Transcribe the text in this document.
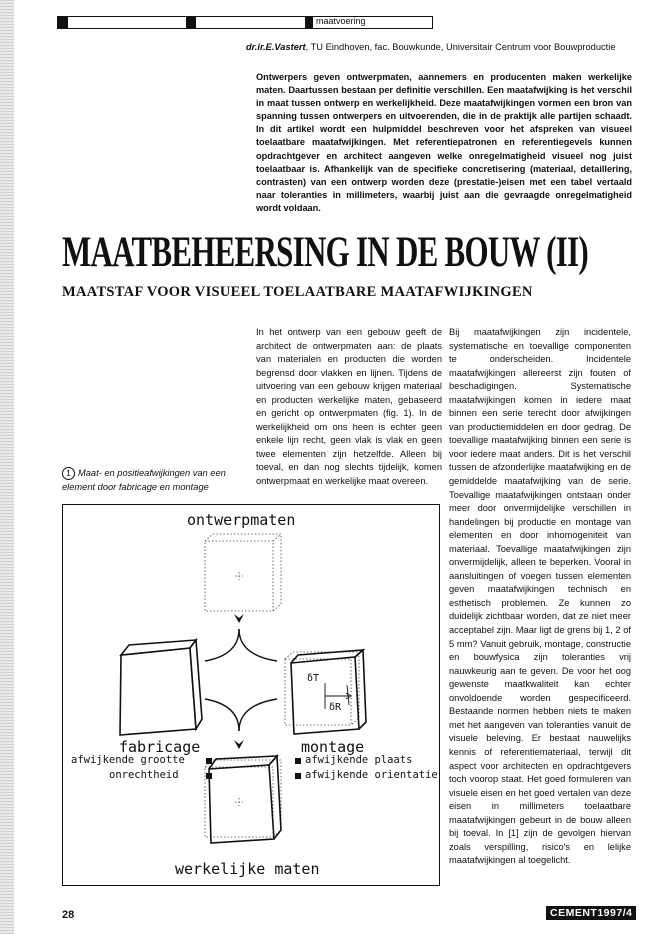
maatvoering
dr.ir.E.Vastert, TU Eindhoven, fac. Bouwkunde, Universitair Centrum voor Bouwproductie
Ontwerpers geven ontwerpmaten, aannemers en producenten maken werkelijke maten. Daartussen bestaan per definitie verschillen. Een maatafwijking is het verschil in maat tussen ontwerp en werkelijkheid. Deze maatafwijkingen vormen een bron van spanning tussen ontwerpers en uitvoerenden, die in de praktijk alle partijen schaadt. In dit artikel wordt een hulpmiddel beschreven voor het afspreken van visueel toelaatbare maatafwijkingen. Met referentiepatronen en referentiegevels kunnen opdrachtgever en architect aangeven welke onregelmatigheid visueel nog juist toelaatbaar is. Afhankelijk van de specifieke concretisering (materiaal, detaillering, contrasten) van een ontwerp worden deze (prestatie-)eisen met een tabel vertaald naar toleranties in millimeters, waarbij juist aan die gevraagde onregelmatigheid wordt voldaan.
MAATBEHEERSING IN DE BOUW (II)
MAATSTAF VOOR VISUEEL TOELAATBARE MAATAFWIJKINGEN
In het ontwerp van een gebouw geeft de architect de ontwerpmaten aan: de plaats van materialen en producten die worden begrensd door vlakken en lijnen. Tijdens de uitvoering van een gebouw krijgen materiaal en producten werkelijke maten, gebaseerd en gericht op ontwerpmaten (fig. 1). In de werkelijkheid om ons heen is echter geen enkele lijn recht, geen vlak is vlak en geen twee elementen zijn hetzelfde. Alleen bij toeval, en dan nog slechts tijdelijk, komen ontwerpmaat en werkelijke maat overeen.
Bij maatafwijkingen zijn incidentele, systematische en toevallige componenten te onderscheiden. Incidentele maatafwijkingen allereerst zijn fouten of beschadigingen. Systematische maatafwijkingen komen in iedere maat binnen een serie terecht door afwijkingen van productiemiddelen en door gedrag. De toevallige maatafwijking binnen een serie is voor iedere maat anders. Dit is het verschil tussen de afzonderlijke maatafwijking en de gemiddelde maatafwijking van de serie. Toevallige maatafwijkingen ontstaan onder meer door onvermijdelijke verschillen in handelingen bij productie en montage van elementen en door inhomogeniteit van materiaal. Toevallige maatafwijkingen zijn onvermijdelijk, alleen te beperken. Vooral in aansluitingen of voegen tussen elementen geven maatafwijkingen technisch en esthetisch problemen. Ze kunnen zo duidelijk zichtbaar worden, dat ze niet meer acceptabel zijn. Maar ligt de grens bij 1, 2 of 5 mm? Vanuit gebruik, montage, constructie en bouwfysica zijn toleranties vrij nauwkeurig aan te geven. De voor het oog gewenste maatkwaliteit kan echter onvoldoende worden gespecificeerd. Bestaande normen hebben niets te maken met het aangeven van toleranties vanuit de visuele beleving. Er bestaat nauwelijks kennis of referentiemateriaal, terwijl dit aspect voor architecten en opdrachtgevers toch voorop staat. Het goed formuleren van visuele eisen en het goed vertalen van deze eisen in millimeters toelaatbare maatafwijkingen gebeurt in de bouw alleen bij toeval. In [1] zijn de gevolgen hiervan zoals verspilling, risico's en lelijke maatafwijkingen al toegelicht.
1 Maat- en positieafwijkingen van een element door fabricage en montage
ontwerpmaten
fabricage	montage
werkelijke maten
afwijkende grootte
onrechtheid
afwijkende plaats
afwijkende orientatie
δT
δR
28	CEMENT1997/4
